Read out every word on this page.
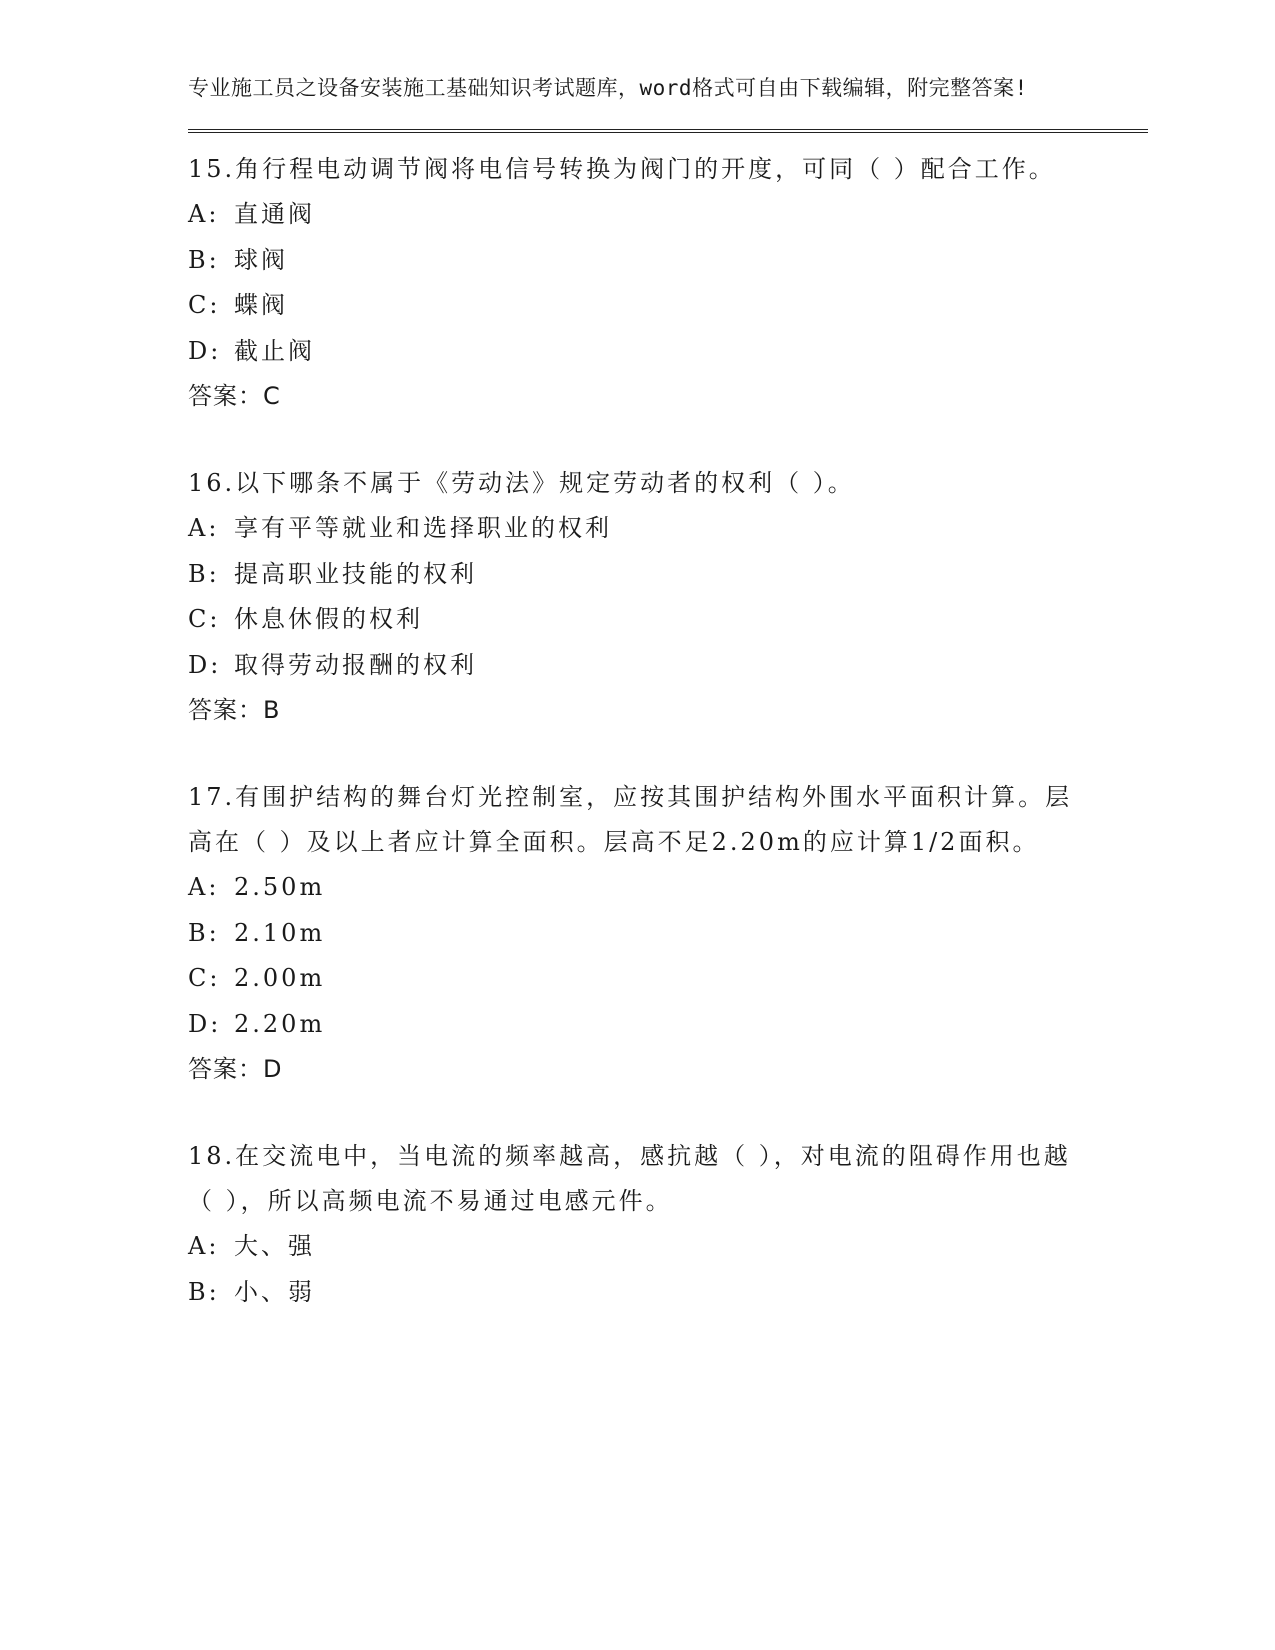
专业施工员之设备安装施工基础知识考试题库，word格式可自由下载编辑，附完整答案!
15.角行程电动调节阀将电信号转换为阀门的开度，可同（ ）配合工作。
A: 直通阀
B: 球阀
C: 蝶阀
D: 截止阀
答案：C
16.以下哪条不属于《劳动法》规定劳动者的权利（ ）。
A: 享有平等就业和选择职业的权利
B: 提高职业技能的权利
C: 休息休假的权利
D: 取得劳动报酬的权利
答案：B
17.有围护结构的舞台灯光控制室，应按其围护结构外围水平面积计算。层高在（ ）及以上者应计算全面积。层高不足2.20m的应计算1/2面积。
A: 2.50m
B: 2.10m
C: 2.00m
D: 2.20m
答案：D
18.在交流电中，当电流的频率越高，感抗越（ ），对电流的阻碍作用也越（ ），所以高频电流不易通过电感元件。
A: 大、强
B: 小、弱
